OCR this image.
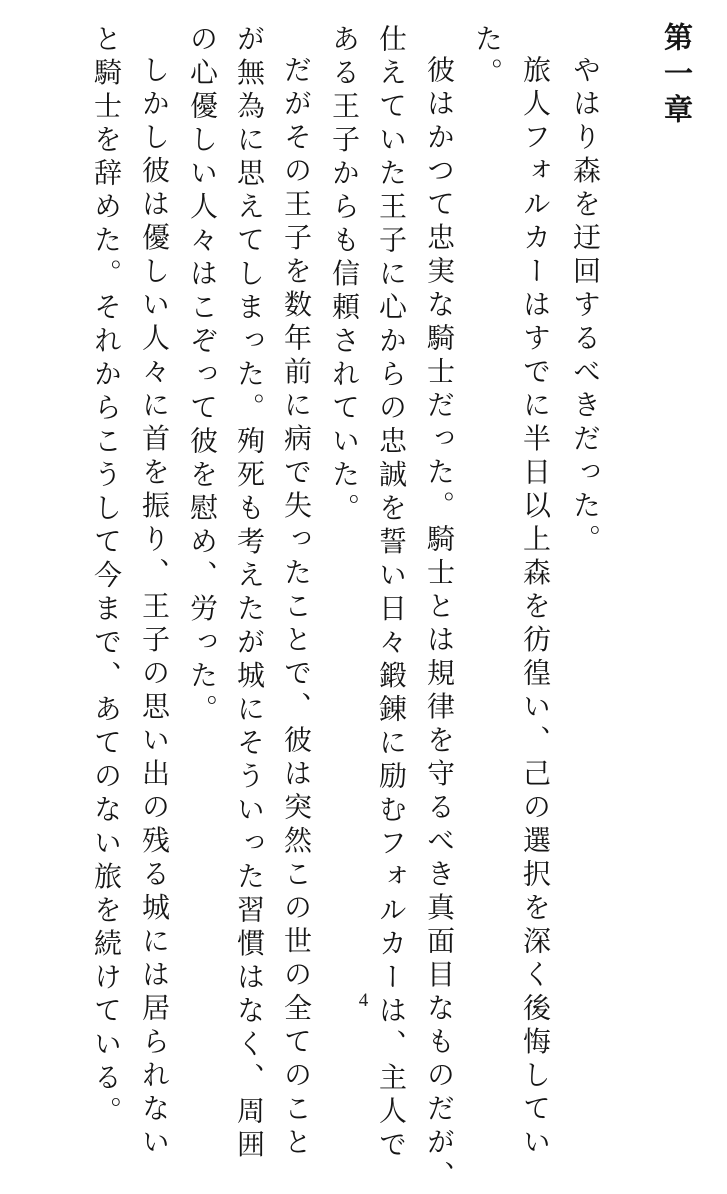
第一章
やはり森を迂回するべきだった。
旅人フォルカーはすでに半日以上森を彷徨い、己の選択を深く後悔してい
た。
彼はかつて忠実な騎士だった。騎士とは規律を守るべき真面目なものだが、
仕えていた王子に心からの忠誠を誓い日々鍛錬に励むフォルカーは、主人で
ある王子からも信頼されていた。
だがその王子を数年前に病で失ったことで、彼は突然この世の全てのこと
が無為に思えてしまった。殉死も考えたが城にそういった習慣はなく、周囲
の心優しい人々はこぞって彼を慰め、労った。
しかし彼は優しい人々に首を振り、王子の思い出の残る城には居られない
と騎士を辞めた。それからこうして今まで、あてのない旅を続けている。	4
